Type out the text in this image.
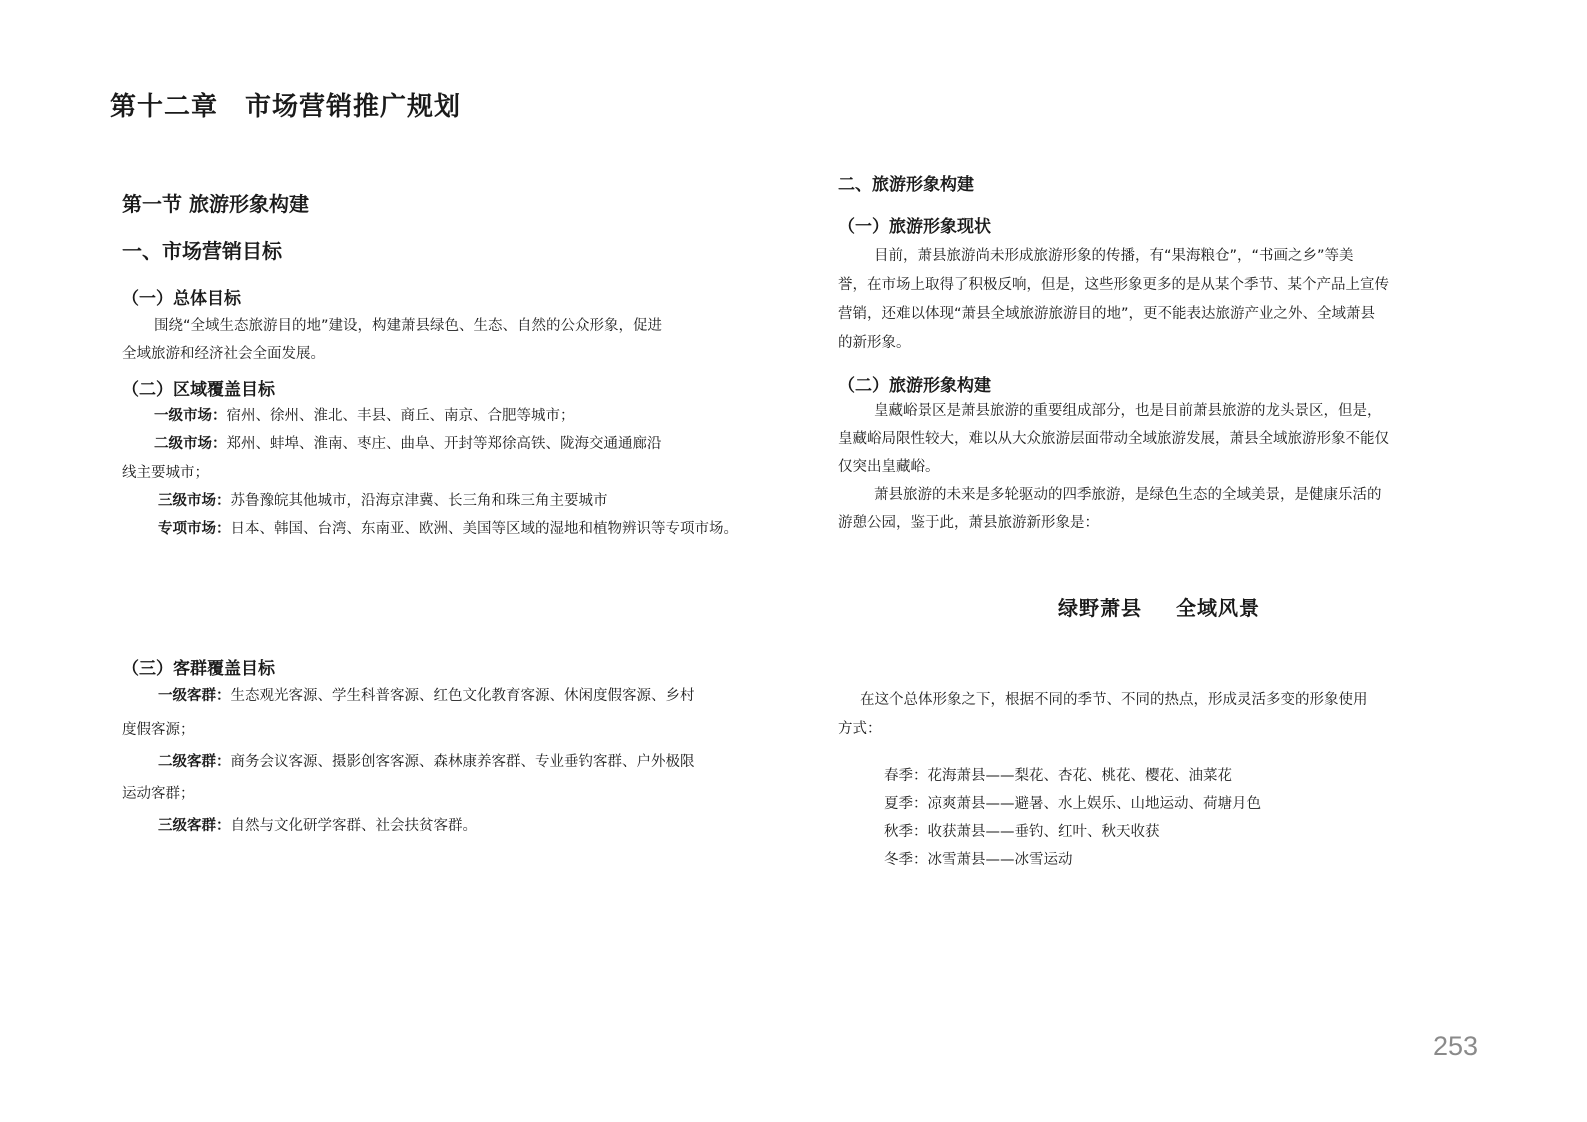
第十二章　市场营销推广规划
第一节 旅游形象构建
一、市场营销目标
（一）总体目标
围绕“全域生态旅游目的地”建设，构建萧县绿色、生态、自然的公众形象，促进
全域旅游和经济社会全面发展。
（二）区域覆盖目标
一级市场：宿州、徐州、淮北、丰县、商丘、南京、合肥等城市；
二级市场：郑州、蚌埠、淮南、枣庄、曲阜、开封等郑徐高铁、陇海交通通廊沿
线主要城市；
三级市场：苏鲁豫皖其他城市，沿海京津冀、长三角和珠三角主要城市
专项市场：日本、韩国、台湾、东南亚、欧洲、美国等区域的湿地和植物辨识等专项市场。
（三）客群覆盖目标
一级客群：生态观光客源、学生科普客源、红色文化教育客源、休闲度假客源、乡村
度假客源；
二级客群：商务会议客源、摄影创客客源、森林康养客群、专业垂钓客群、户外极限
运动客群；
三级客群：自然与文化研学客群、社会扶贫客群。
二、旅游形象构建
（一）旅游形象现状
目前，萧县旅游尚未形成旅游形象的传播，有“果海粮仓”，“书画之乡”等美
誉，在市场上取得了积极反响，但是，这些形象更多的是从某个季节、某个产品上宣传
营销，还难以体现“萧县全域旅游旅游目的地”，更不能表达旅游产业之外、全域萧县
的新形象。
（二）旅游形象构建
皇藏峪景区是萧县旅游的重要组成部分，也是目前萧县旅游的龙头景区，但是，
皇藏峪局限性较大，难以从大众旅游层面带动全域旅游发展，萧县全域旅游形象不能仅
仅突出皇藏峪。
萧县旅游的未来是多轮驱动的四季旅游，是绿色生态的全域美景，是健康乐活的
游憩公园，鉴于此，萧县旅游新形象是：
绿野萧县 全域风景
在这个总体形象之下，根据不同的季节、不同的热点，形成灵活多变的形象使用
方式：
春季：花海萧县——梨花、杏花、桃花、樱花、油菜花
夏季：凉爽萧县——避暑、水上娱乐、山地运动、荷塘月色
秋季：收获萧县——垂钓、红叶、秋天收获
冬季：冰雪萧县——冰雪运动
253
